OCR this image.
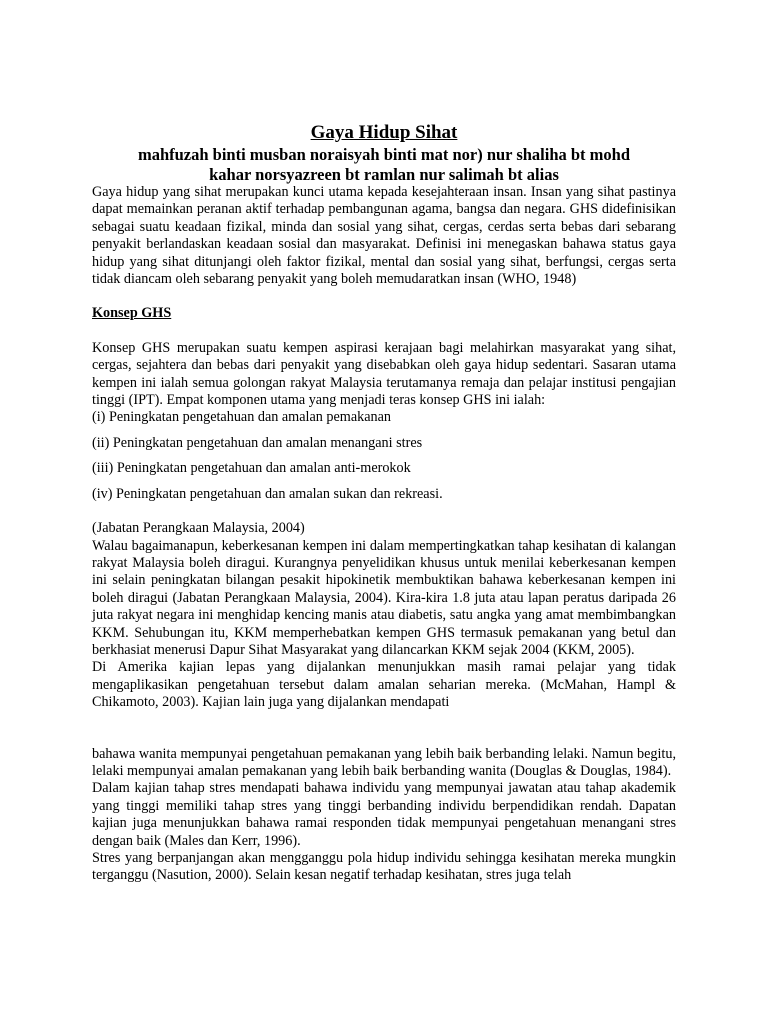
Gaya Hidup Sihat
mahfuzah binti musban noraisyah binti mat nor) nur shaliha bt mohd
kahar norsyazreen bt ramlan nur salimah bt alias

Gaya hidup yang sihat merupakan kunci utama kepada kesejahteraan insan. Insan yang sihat pastinya dapat memainkan peranan aktif terhadap pembangunan agama, bangsa dan negara. GHS didefinisikan sebagai suatu keadaan fizikal, minda dan sosial yang sihat, cergas, cerdas serta bebas dari sebarang penyakit berlandaskan keadaan sosial dan masyarakat. Definisi ini menegaskan bahawa status gaya hidup yang sihat ditunjangi oleh faktor fizikal, mental dan sosial yang sihat, berfungsi, cergas serta tidak diancam oleh sebarang penyakit yang boleh memudaratkan insan (WHO, 1948)

Konsep GHS

Konsep GHS merupakan suatu kempen aspirasi kerajaan bagi melahirkan masyarakat yang sihat, cergas, sejahtera dan bebas dari penyakit yang disebabkan oleh gaya hidup sedentari. Sasaran utama kempen ini ialah semua golongan rakyat Malaysia terutamanya remaja dan pelajar institusi pengajian tinggi (IPT). Empat komponen utama yang menjadi teras konsep GHS ini ialah:

(i) Peningkatan pengetahuan dan amalan pemakanan

(ii) Peningkatan pengetahuan dan amalan menangani stres

(iii) Peningkatan pengetahuan dan amalan anti-merokok

(iv) Peningkatan pengetahuan dan amalan sukan dan rekreasi.

(Jabatan Perangkaan Malaysia, 2004)

Walau bagaimanapun, keberkesanan kempen ini dalam mempertingkatkan tahap kesihatan di kalangan rakyat Malaysia boleh diragui. Kurangnya penyelidikan khusus untuk menilai keberkesanan kempen ini selain peningkatan bilangan pesakit hipokinetik membuktikan bahawa keberkesanan kempen ini boleh diragui (Jabatan Perangkaan Malaysia, 2004). Kira-kira 1.8 juta atau lapan peratus daripada 26 juta rakyat negara ini menghidap kencing manis atau diabetis, satu angka yang amat membimbangkan KKM. Sehubungan itu, KKM memperhebatkan kempen GHS termasuk pemakanan yang betul dan berkhasiat menerusi Dapur Sihat Masyarakat yang dilancarkan KKM sejak 2004 (KKM, 2005).

Di Amerika kajian lepas yang dijalankan menunjukkan masih ramai pelajar yang tidak mengaplikasikan pengetahuan tersebut dalam amalan seharian mereka. (McMahan, Hampl & Chikamoto, 2003). Kajian lain juga yang dijalankan mendapati

bahawa wanita mempunyai pengetahuan pemakanan yang lebih baik berbanding lelaki. Namun begitu, lelaki mempunyai amalan pemakanan yang lebih baik berbanding wanita (Douglas & Douglas, 1984).

Dalam kajian tahap stres mendapati bahawa individu yang mempunyai jawatan atau tahap akademik yang tinggi memiliki tahap stres yang tinggi berbanding individu berpendidikan rendah. Dapatan kajian juga menunjukkan bahawa ramai responden tidak mempunyai pengetahuan menangani stres dengan baik (Males dan Kerr, 1996).

Stres yang berpanjangan akan mengganggu pola hidup individu sehingga kesihatan mereka mungkin terganggu (Nasution, 2000). Selain kesan negatif terhadap kesihatan, stres juga telah
